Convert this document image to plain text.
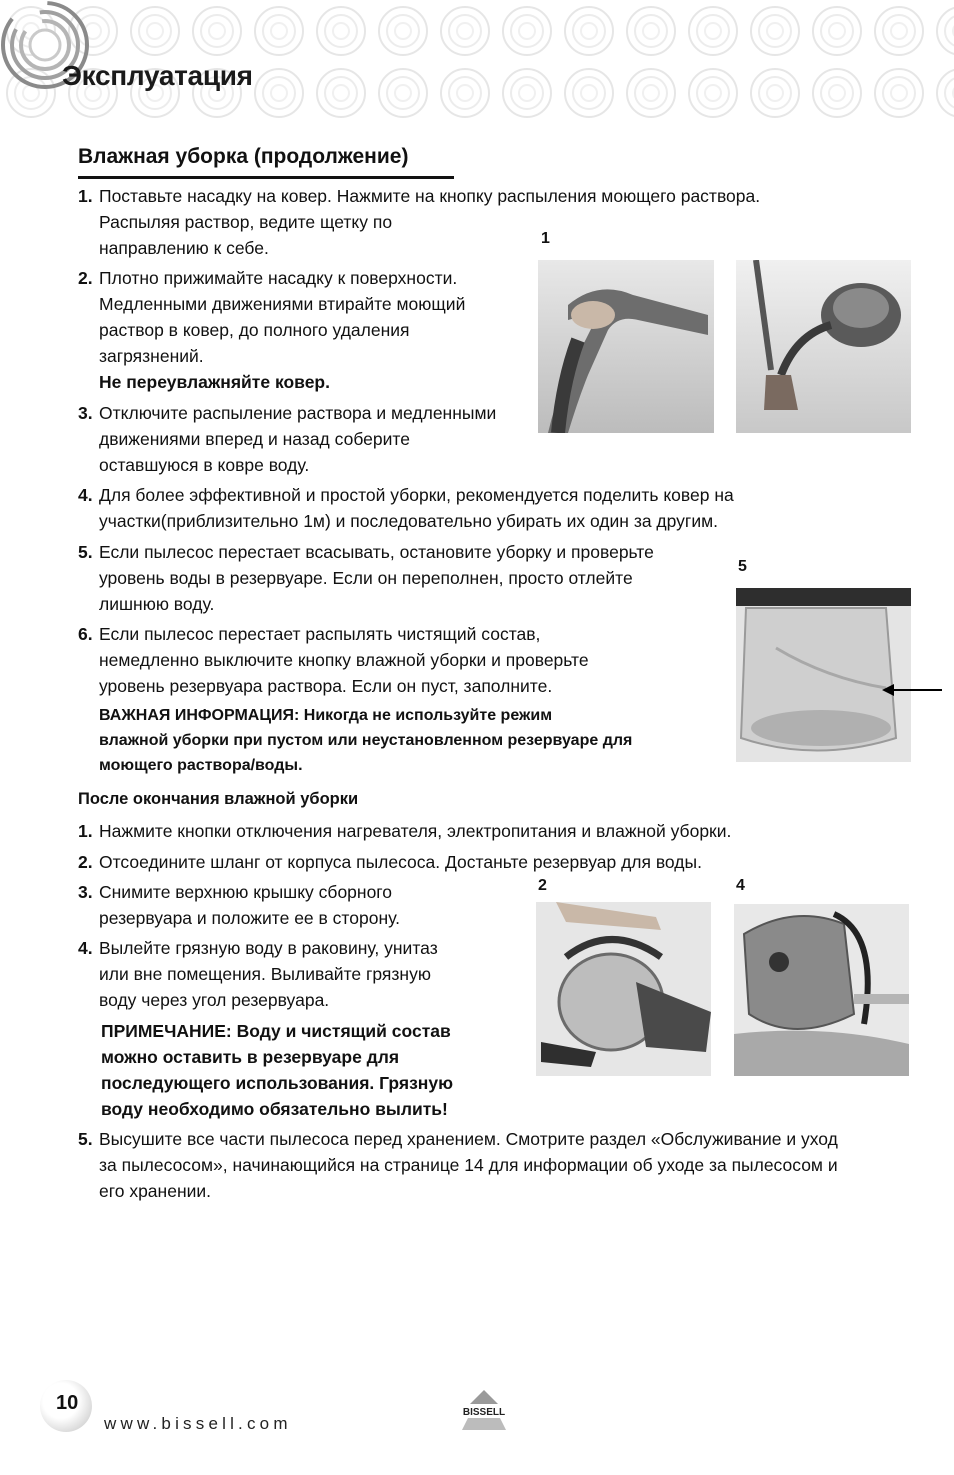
Эксплуатация
Влажная уборка (продолжение)
1. Поставьте насадку на ковер. Нажмите на кнопку распыления моющего раствора.
Распыляя раствор, ведите щетку по
направлению к себе.
2. Плотно прижимайте насадку к поверхности.
Медленными движениями втирайте моющий
раствор в ковер, до полного удаления
загрязнений.
Не переувлажняйте ковер.
3. Отключите распыление раствора и медленными
движениями вперед и назад соберите
оставшуюся в ковре воду.
4. Для более эффективной и простой уборки, рекомендуется поделить ковер на
участки(приблизительно 1м) и последовательно убирать их один за другим.
5. Если пылесос перестает всасывать, остановите уборку и проверьте
уровень воды в резервуаре. Если он переполнен, просто отлейте
лишнюю воду.
6. Если пылесос перестает распылять чистящий состав,
немедленно выключите кнопку влажной уборки и проверьте
уровень резервуара раствора. Если он пуст, заполните.
ВАЖНАЯ ИНФОРМАЦИЯ: Никогда не используйте режим
влажной уборки при пустом или неустановленном резервуаре для
моющего раствора/воды.
1
5
После окончания влажной уборки
1. Нажмите кнопки отключения нагревателя, электропитания и влажной уборки.
2. Отсоедините шланг от корпуса пылесоса. Достаньте резервуар для воды.
3. Снимите верхнюю крышку сборного
резервуара и положите ее в сторону.
4. Вылейте грязную воду в раковину, унитаз
или вне помещения. Выливайте грязную
воду через угол резервуара.
ПРИМЕЧАНИЕ: Воду и чистящий состав
можно оставить в резервуаре для
последующего использования. Грязную
воду необходимо обязательно вылить!
5. Высушите все части пылесоса перед хранением. Смотрите раздел «Обслуживание и уход
за пылесосом», начинающийся на странице 14 для информации об уходе за пылесосом и
его хранении.
2	4
10
www.bissell.com
BISSELL
